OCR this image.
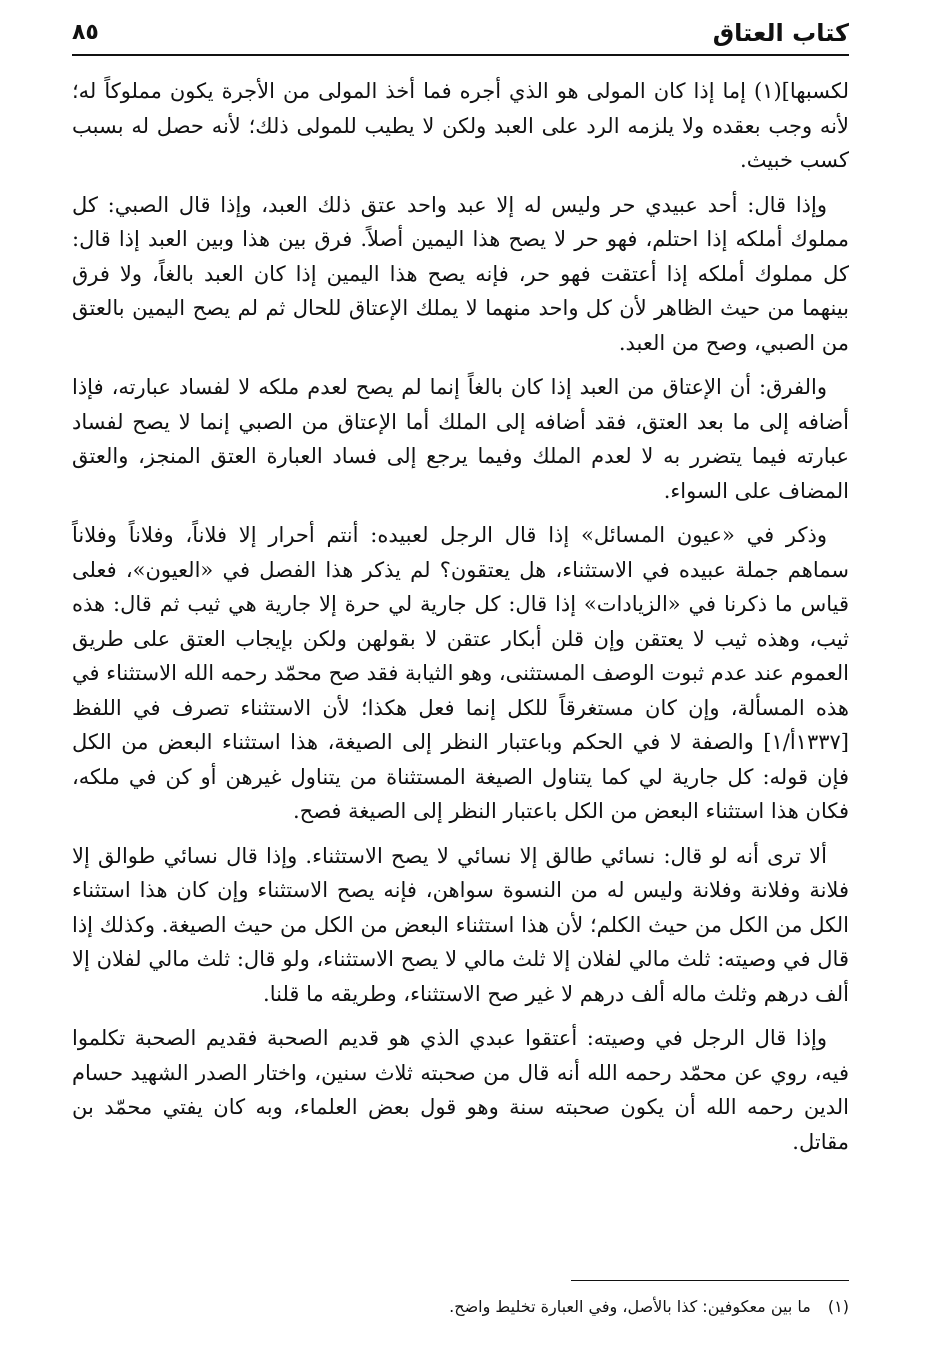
كتاب العتاق
٨٥

لكسبها](١) إما إذا كان المولى هو الذي أجره فما أخذ المولى من الأجرة يكون مملوكاً له؛ لأنه وجب بعقده ولا يلزمه الرد على العبد ولكن لا يطيب للمولى ذلك؛ لأنه حصل له بسبب كسب خبيث.

وإذا قال: أحد عبيدي حر وليس له إلا عبد واحد عتق ذلك العبد، وإذا قال الصبي: كل مملوك أملكه إذا احتلم، فهو حر لا يصح هذا اليمين أصلاً. فرق بين هذا وبين العبد إذا قال: كل مملوك أملكه إذا أعتقت فهو حر، فإنه يصح هذا اليمين إذا كان العبد بالغاً، ولا فرق بينهما من حيث الظاهر لأن كل واحد منهما لا يملك الإعتاق للحال ثم لم يصح اليمين بالعتق من الصبي، وصح من العبد.

والفرق: أن الإعتاق من العبد إذا كان بالغاً إنما لم يصح لعدم ملكه لا لفساد عبارته، فإذا أضافه إلى ما بعد العتق، فقد أضافه إلى الملك أما الإعتاق من الصبي إنما لا يصح لفساد عبارته فيما يتضرر به لا لعدم الملك وفيما يرجع إلى فساد العبارة العتق المنجز، والعتق المضاف على السواء.

وذكر في «عيون المسائل» إذا قال الرجل لعبيده: أنتم أحرار إلا فلاناً، وفلاناً وفلاناً سماهم جملة عبيده في الاستثناء، هل يعتقون؟ لم يذكر هذا الفصل في «العيون»، فعلى قياس ما ذكرنا في «الزيادات» إذا قال: كل جارية لي حرة إلا جارية هي ثيب ثم قال: هذه ثيب، وهذه ثيب لا يعتقن وإن قلن أبكار عتقن لا بقولهن ولكن بإيجاب العتق على طريق العموم عند عدم ثبوت الوصف المستثنى، وهو الثيابة فقد صح محمّد رحمه الله الاستثناء في هذه المسألة، وإن كان مستغرقاً للكل إنما فعل هكذا؛ لأن الاستثناء تصرف في اللفظ [١٣٣٧أ/١] والصفة لا في الحكم وباعتبار النظر إلى الصيغة، هذا استثناء البعض من الكل فإن قوله: كل جارية لي كما يتناول الصيغة المستثناة من يتناول غيرهن أو كن في ملكه، فكان هذا استثناء البعض من الكل باعتبار النظر إلى الصيغة فصح.

ألا ترى أنه لو قال: نسائي طالق إلا نسائي لا يصح الاستثناء. وإذا قال نسائي طوالق إلا فلانة وفلانة وفلانة وليس له من النسوة سواهن، فإنه يصح الاستثناء وإن كان هذا استثناء الكل من الكل من حيث الكلم؛ لأن هذا استثناء البعض من الكل من حيث الصيغة. وكذلك إذا قال في وصيته: ثلث مالي لفلان إلا ثلث مالي لا يصح الاستثناء، ولو قال: ثلث مالي لفلان إلا ألف درهم وثلث ماله ألف درهم لا غير صح الاستثناء، وطريقه ما قلنا.

وإذا قال الرجل في وصيته: أعتقوا عبدي الذي هو قديم الصحبة فقديم الصحبة تكلموا فيه، روي عن محمّد رحمه الله أنه قال من صحبته ثلاث سنين، واختار الصدر الشهيد حسام الدين رحمه الله أن يكون صحبته سنة وهو قول بعض العلماء، وبه كان يفتي محمّد بن مقاتل.

(١) ما بين معكوفين: كذا بالأصل، وفي العبارة تخليط واضح.
